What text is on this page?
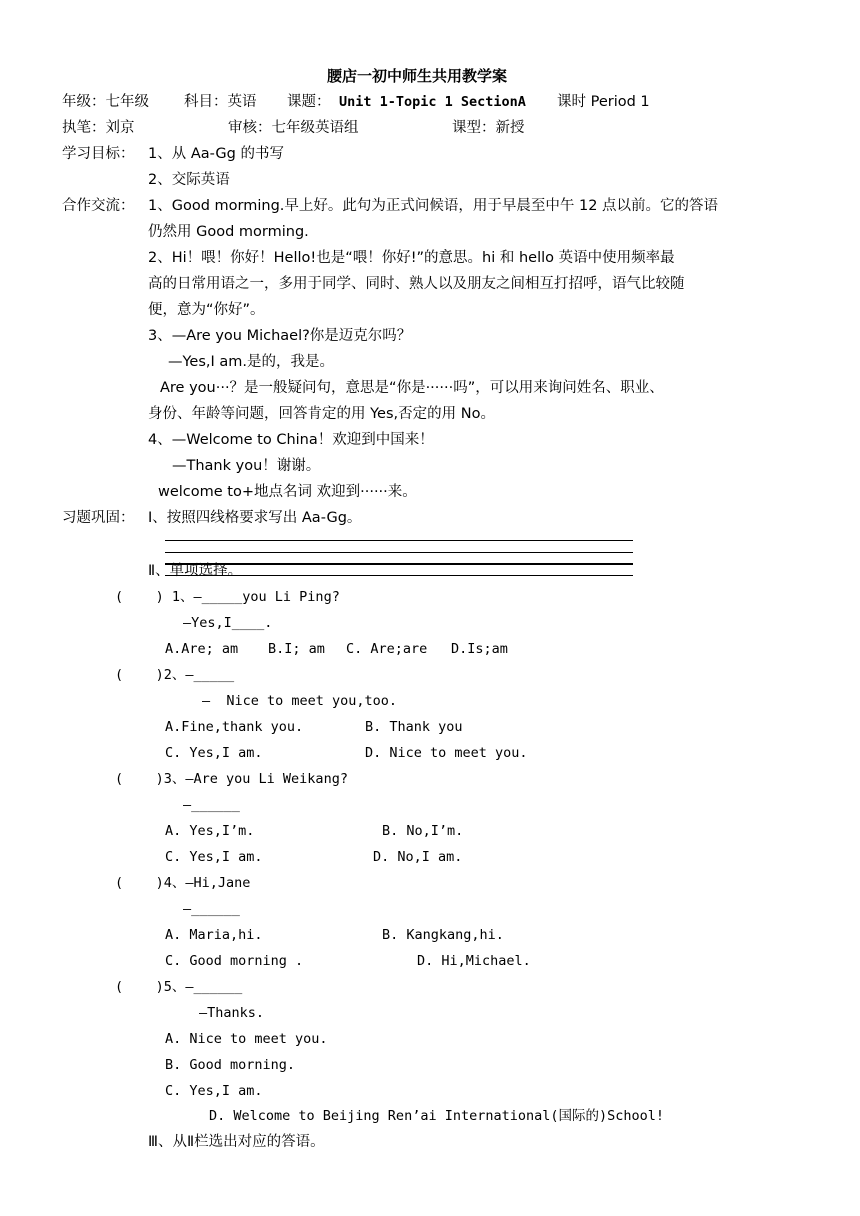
腰店一初中师生共用教学案
年级：七年级 科目：英语 课题： Unit 1-Topic 1 SectionA 课时 Period 1
执笔：刘京	审核：七年级英语组	课型：新授
学习目标： 1、从 Aa-Gg 的书写
2、交际英语
合作交流： 1、Good morming.早上好。此句为正式问候语，用于早晨至中午 12 点以前。它的答语
仍然用 Good morming.
2、Hi！喂！你好！Hello!也是“喂！你好!”的意思。hi 和 hello 英语中使用频率最
高的日常用语之一，多用于同学、同时、熟人以及朋友之间相互打招呼，语气比较随
便，意为“你好”。
3、—Are you Michael?你是迈克尔吗？
—Yes,I am.是的，我是。
Are you···？是一般疑问句，意思是“你是······吗”，可以用来询问姓名、职业、
身份、年龄等问题，回答肯定的用 Yes,否定的用 No。
4、—Welcome to China！欢迎到中国来！
—Thank you！谢谢。
welcome to+地点名词 欢迎到······来。
习题巩固： Ⅰ、按照四线格要求写出 Aa-Gg。
Ⅱ、单项选择。
(    ) 1、—_____you Li Ping?
—Yes,I____.
A.Are; am B.I; am C. Are;are D.Is;am
(    )2、—_____
—  Nice to meet you,too.
A.Fine,thank you.	B. Thank you
C. Yes,I am.	D. Nice to meet you.
(    )3、—Are you Li Weikang?
—______
A. Yes,I’m.	B. No,I’m.
C. Yes,I am.	D. No,I am.
(    )4、—Hi,Jane
—______
A. Maria,hi.	B. Kangkang,hi.
C. Good morning .	D. Hi,Michael.
(    )5、—______
—Thanks.
A. Nice to meet you.
B. Good morning.
C. Yes,I am.
D. Welcome to Beijing Ren’ai International(国际的)School!
Ⅲ、从Ⅱ栏选出对应的答语。
